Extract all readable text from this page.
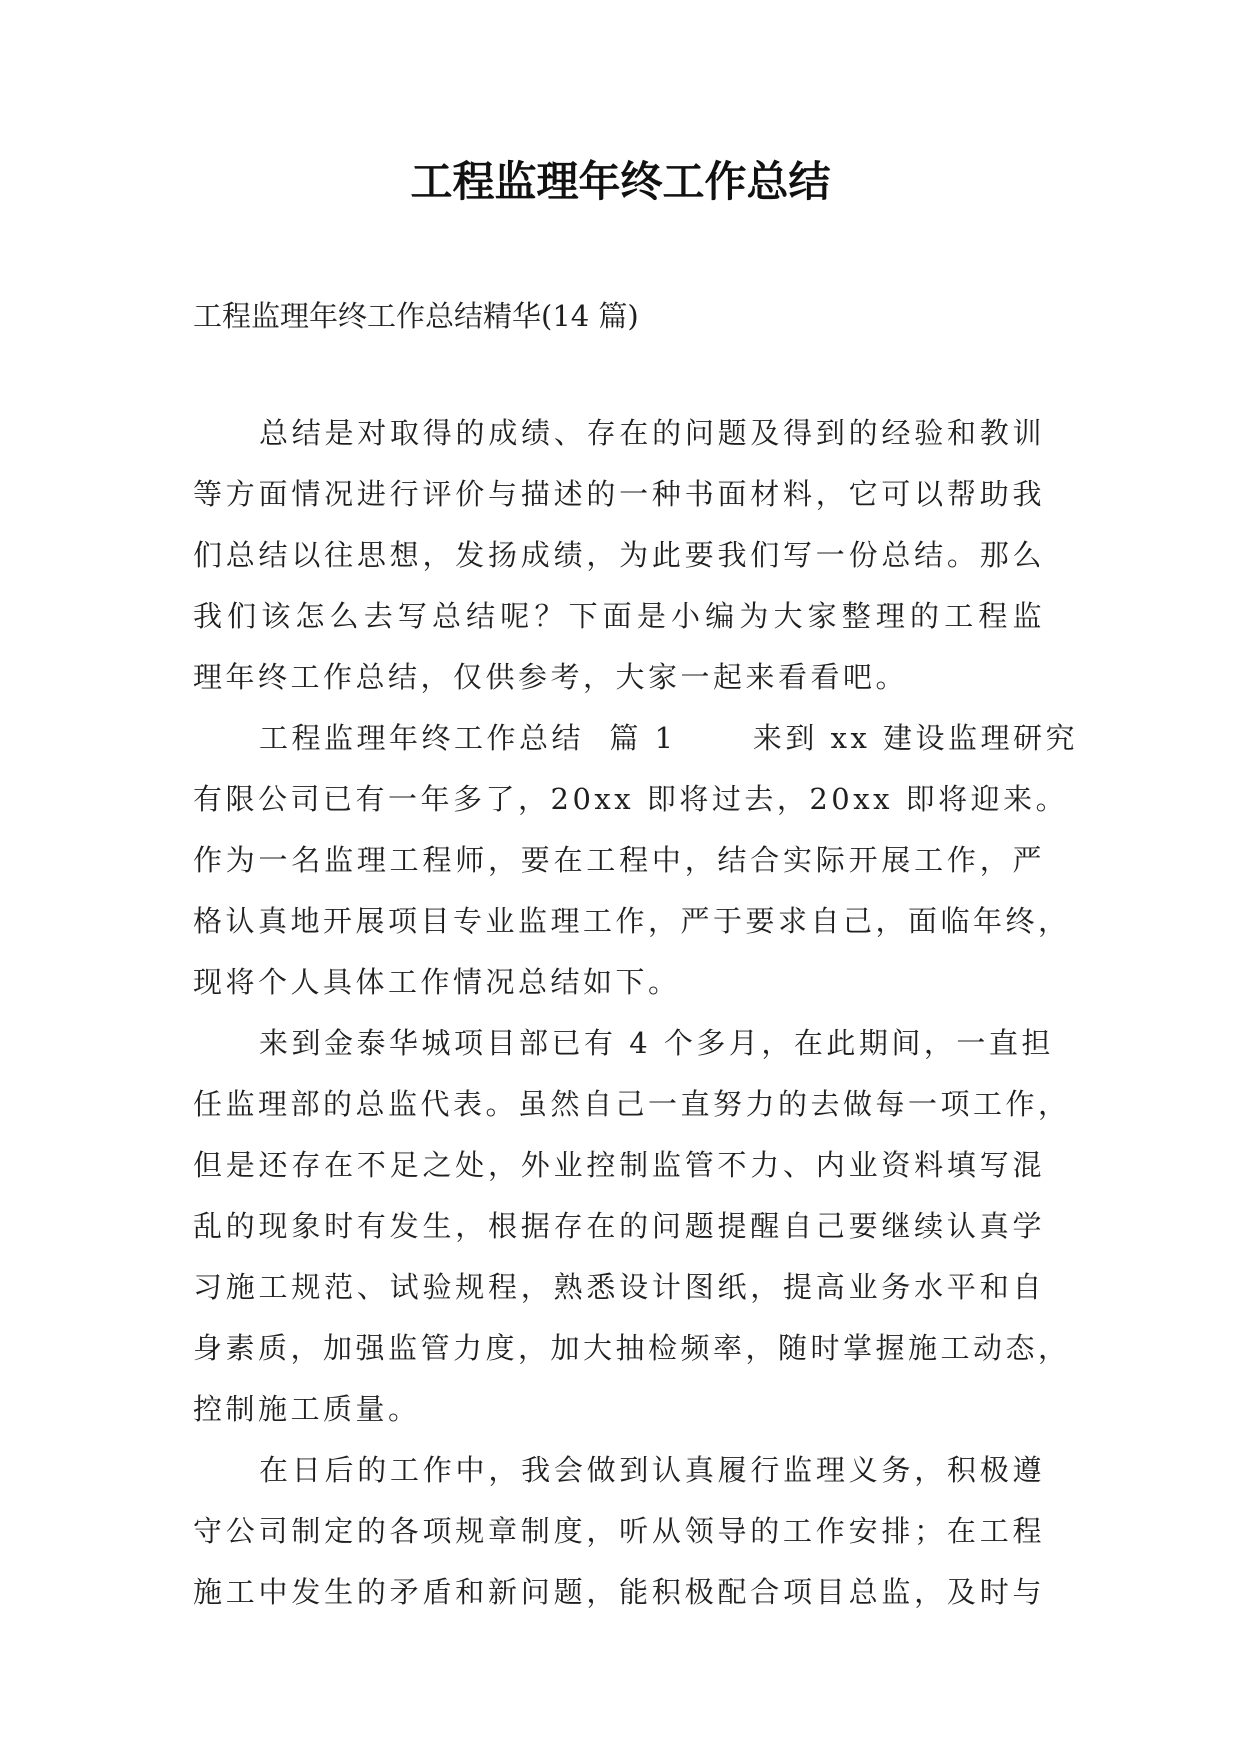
工程监理年终工作总结

工程监理年终工作总结精华(14 篇)

总结是对取得的成绩、存在的问题及得到的经验和教训
等方面情况进行评价与描述的一种书面材料，它可以帮助我
们总结以往思想，发扬成绩，为此要我们写一份总结。那么
我们该怎么去写总结呢？下面是小编为大家整理的工程监
理年终工作总结，仅供参考，大家一起来看看吧。
工程监理年终工作总结  篇 1      来到 xx 建设监理研究
有限公司已有一年多了，20xx 即将过去，20xx 即将迎来。
作为一名监理工程师，要在工程中，结合实际开展工作，严
格认真地开展项目专业监理工作，严于要求自己，面临年终，
现将个人具体工作情况总结如下。
来到金泰华城项目部已有 4 个多月，在此期间，一直担
任监理部的总监代表。虽然自己一直努力的去做每一项工作，
但是还存在不足之处，外业控制监管不力、内业资料填写混
乱的现象时有发生，根据存在的问题提醒自己要继续认真学
习施工规范、试验规程，熟悉设计图纸，提高业务水平和自
身素质，加强监管力度，加大抽检频率，随时掌握施工动态，
控制施工质量。
在日后的工作中，我会做到认真履行监理义务，积极遵
守公司制定的各项规章制度，听从领导的工作安排；在工程
施工中发生的矛盾和新问题，能积极配合项目总监，及时与
